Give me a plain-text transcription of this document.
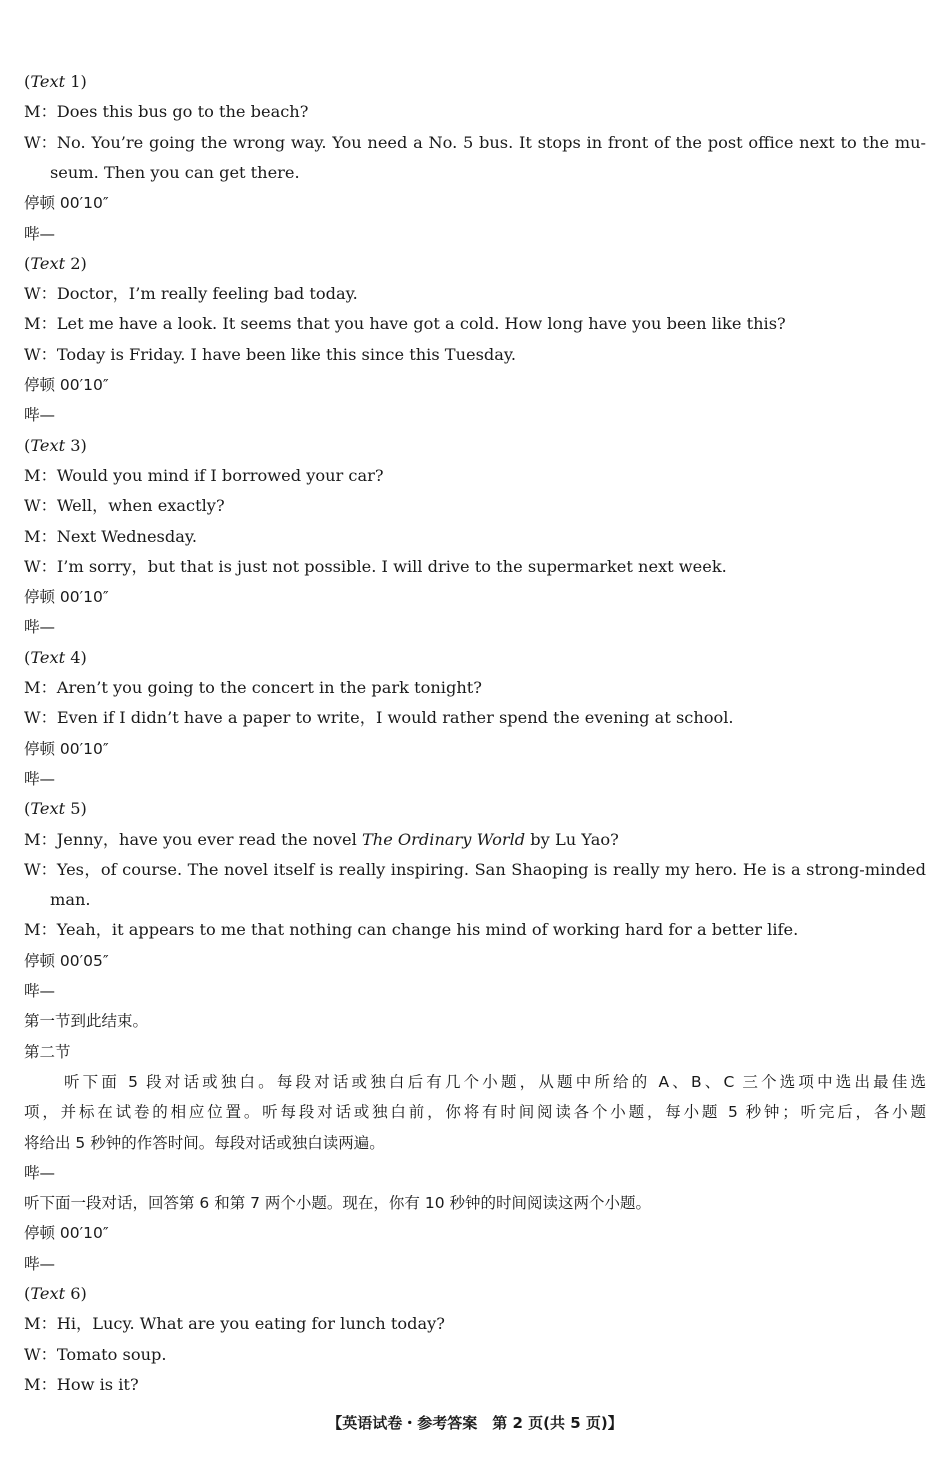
(Text 1)
M：Does this bus go to the beach?
W：No. You’re going the wrong way. You need a No. 5 bus. It stops in front of the post office next to the mu-
seum. Then you can get there.
停顿 00′10″
哔—
(Text 2)
W：Doctor，I’m really feeling bad today.
M：Let me have a look. It seems that you have got a cold. How long have you been like this?
W：Today is Friday. I have been like this since this Tuesday.
停顿 00′10″
哔—
(Text 3)
M：Would you mind if I borrowed your car?
W：Well，when exactly?
M：Next Wednesday.
W：I’m sorry，but that is just not possible. I will drive to the supermarket next week.
停顿 00′10″
哔—
(Text 4)
M：Aren’t you going to the concert in the park tonight?
W：Even if I didn’t have a paper to write，I would rather spend the evening at school.
停顿 00′10″
哔—
(Text 5)
M：Jenny，have you ever read the novel The Ordinary World by Lu Yao?
W：Yes，of course. The novel itself is really inspiring. San Shaoping is really my hero. He is a strong-minded
man.
M：Yeah，it appears to me that nothing can change his mind of working hard for a better life.
停顿 00′05″
哔—
第一节到此结束。
第二节
听下面 5 段对话或独白。每段对话或独白后有几个小题，从题中所给的 A、B、C 三个选项中选出最佳选
项，并标在试卷的相应位置。听每段对话或独白前，你将有时间阅读各个小题，每小题 5 秒钟；听完后，各小题
将给出 5 秒钟的作答时间。每段对话或独白读两遍。
哔—
听下面一段对话，回答第 6 和第 7 两个小题。现在，你有 10 秒钟的时间阅读这两个小题。
停顿 00′10″
哔—
(Text 6)
M：Hi，Lucy. What are you eating for lunch today?
W：Tomato soup.
M：How is it?
【英语试卷・参考答案　第 2 页(共 5 页)】
